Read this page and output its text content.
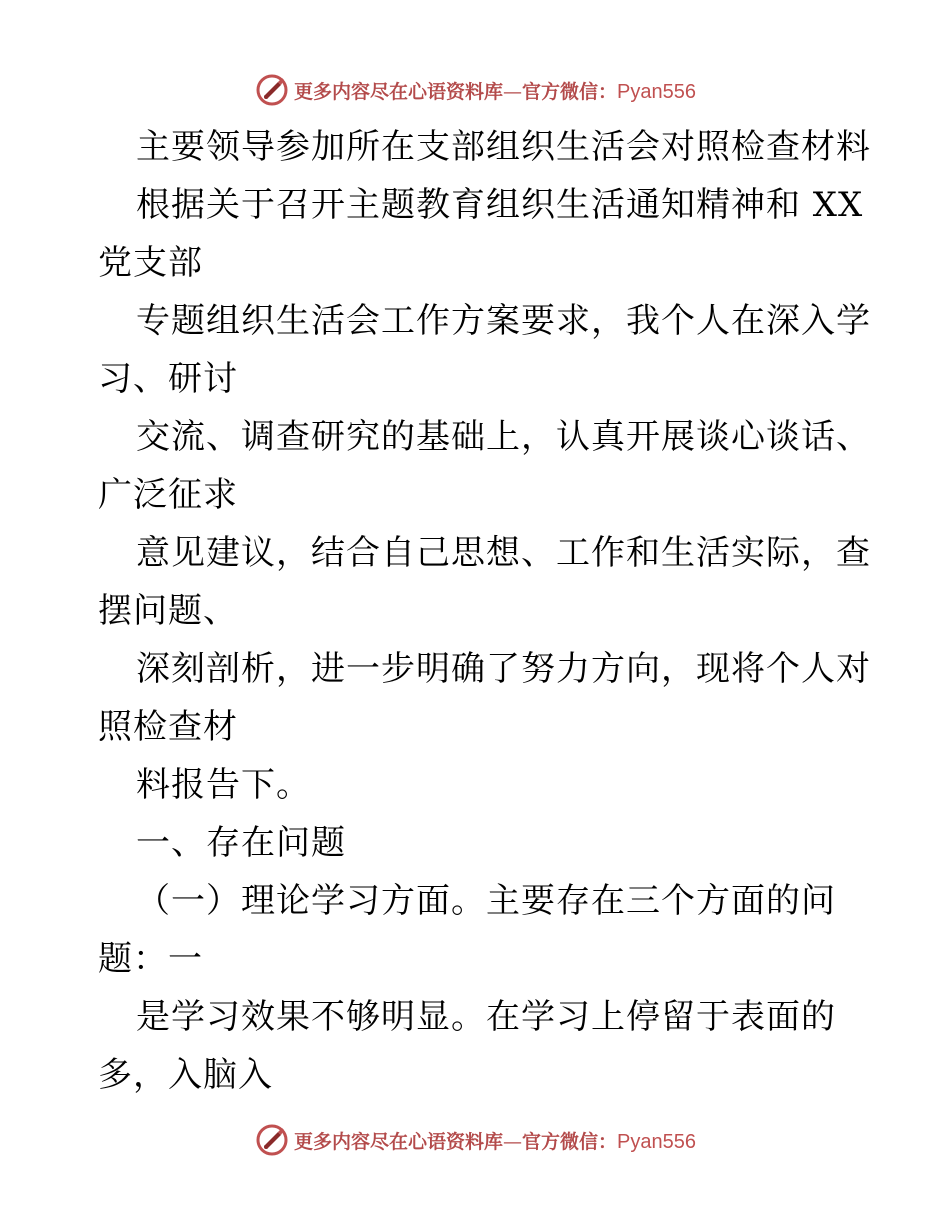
更多内容尽在心语资料库—官方微信：Pyan556
主要领导参加所在支部组织生活会对照检查材料
根据关于召开主题教育组织生活通知精神和 XX
党支部
专题组织生活会工作方案要求，我个人在深入学
习、研讨
交流、调查研究的基础上，认真开展谈心谈话、
广泛征求
意见建议，结合自己思想、工作和生活实际，查
摆问题、
深刻剖析，进一步明确了努力方向，现将个人对
照检查材
料报告下。
一、存在问题
（一）理论学习方面。主要存在三个方面的问
题：一
是学习效果不够明显。在学习上停留于表面的
多，入脑入
更多内容尽在心语资料库—官方微信：Pyan556
